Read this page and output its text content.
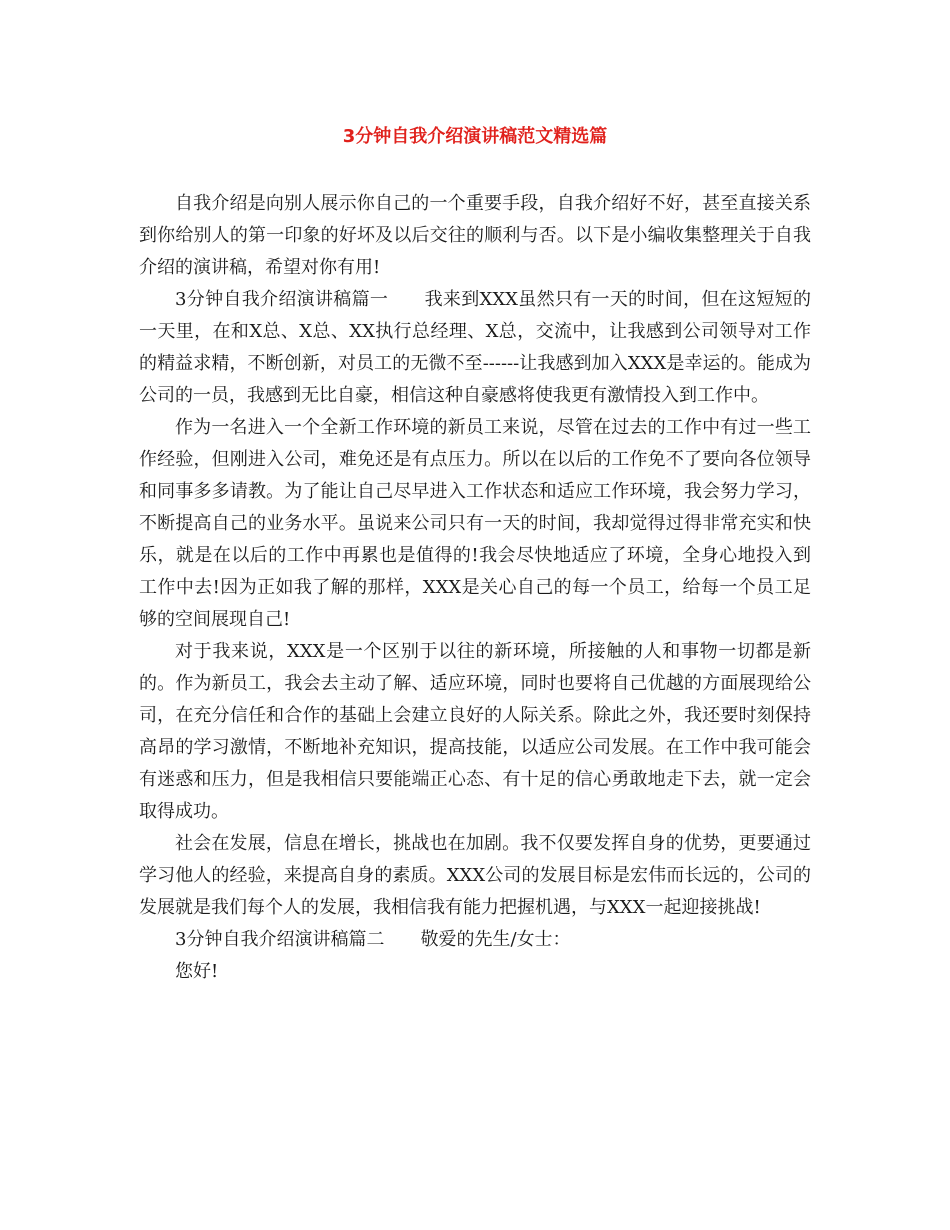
3分钟自我介绍演讲稿范文精选篇

自我介绍是向别人展示你自己的一个重要手段，自我介绍好不好，甚至直接关系到你给别人的第一印象的好坏及以后交往的顺利与否。以下是小编收集整理关于自我介绍的演讲稿，希望对你有用!

3分钟自我介绍演讲稿篇一 我来到XXX虽然只有一天的时间，但在这短短的一天里，在和X总、X总、XX执行总经理、X总，交流中，让我感到公司领导对工作的精益求精，不断创新，对员工的无微不至------让我感到加入XXX是幸运的。能成为公司的一员，我感到无比自豪，相信这种自豪感将使我更有激情投入到工作中。

作为一名进入一个全新工作环境的新员工来说，尽管在过去的工作中有过一些工作经验，但刚进入公司，难免还是有点压力。所以在以后的工作免不了要向各位领导和同事多多请教。为了能让自己尽早进入工作状态和适应工作环境，我会努力学习，不断提高自己的业务水平。虽说来公司只有一天的时间，我却觉得过得非常充实和快乐，就是在以后的工作中再累也是值得的!我会尽快地适应了环境，全身心地投入到工作中去!因为正如我了解的那样，XXX是关心自己的每一个员工，给每一个员工足够的空间展现自己!

对于我来说，XXX是一个区别于以往的新环境，所接触的人和事物一切都是新的。作为新员工，我会去主动了解、适应环境，同时也要将自己优越的方面展现给公司，在充分信任和合作的基础上会建立良好的人际关系。除此之外，我还要时刻保持高昂的学习激情，不断地补充知识，提高技能，以适应公司发展。在工作中我可能会有迷惑和压力，但是我相信只要能端正心态、有十足的信心勇敢地走下去，就一定会取得成功。

社会在发展，信息在增长，挑战也在加剧。我不仅要发挥自身的优势，更要通过学习他人的经验，来提高自身的素质。XXX公司的发展目标是宏伟而长远的，公司的发展就是我们每个人的发展，我相信我有能力把握机遇，与XXX一起迎接挑战!

3分钟自我介绍演讲稿篇二 敬爱的先生/女士：

您好!
